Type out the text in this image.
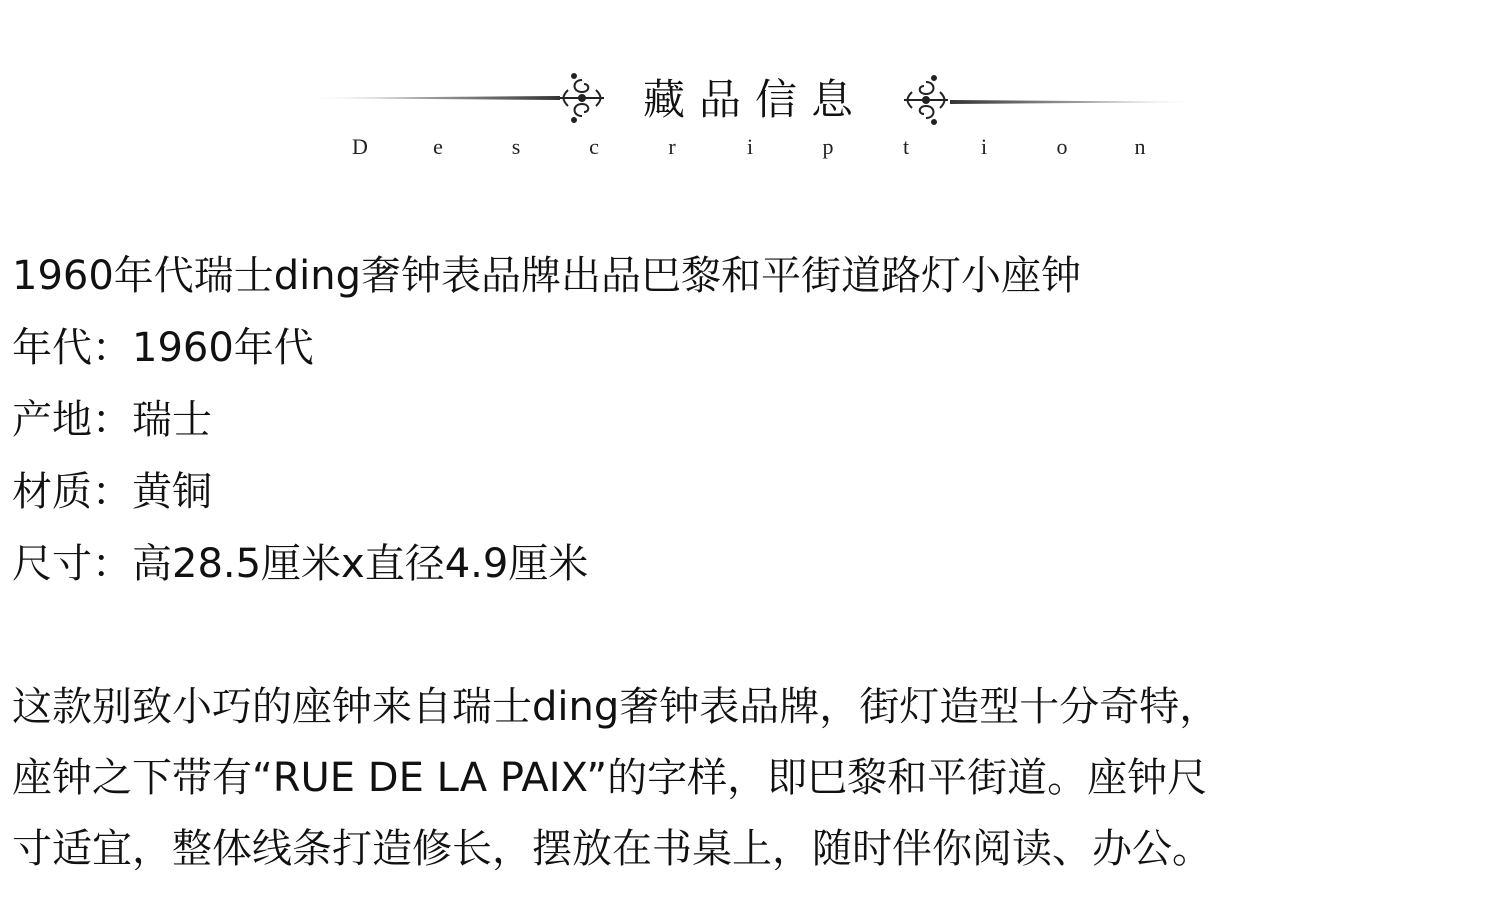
藏品信息
D	e	s	c	r	i	p	t	i	o	n
1960年代瑞士ding奢钟表品牌出品巴黎和平街道路灯小座钟
年代：1960年代
产地：瑞士
材质：黄铜
尺寸：高28.5厘米x直径4.9厘米
这款别致小巧的座钟来自瑞士ding奢钟表品牌，街灯造型十分奇特，
座钟之下带有“RUE DE LA PAIX”的字样，即巴黎和平街道。座钟尺
寸适宜，整体线条打造修长，摆放在书桌上，随时伴你阅读、办公。
